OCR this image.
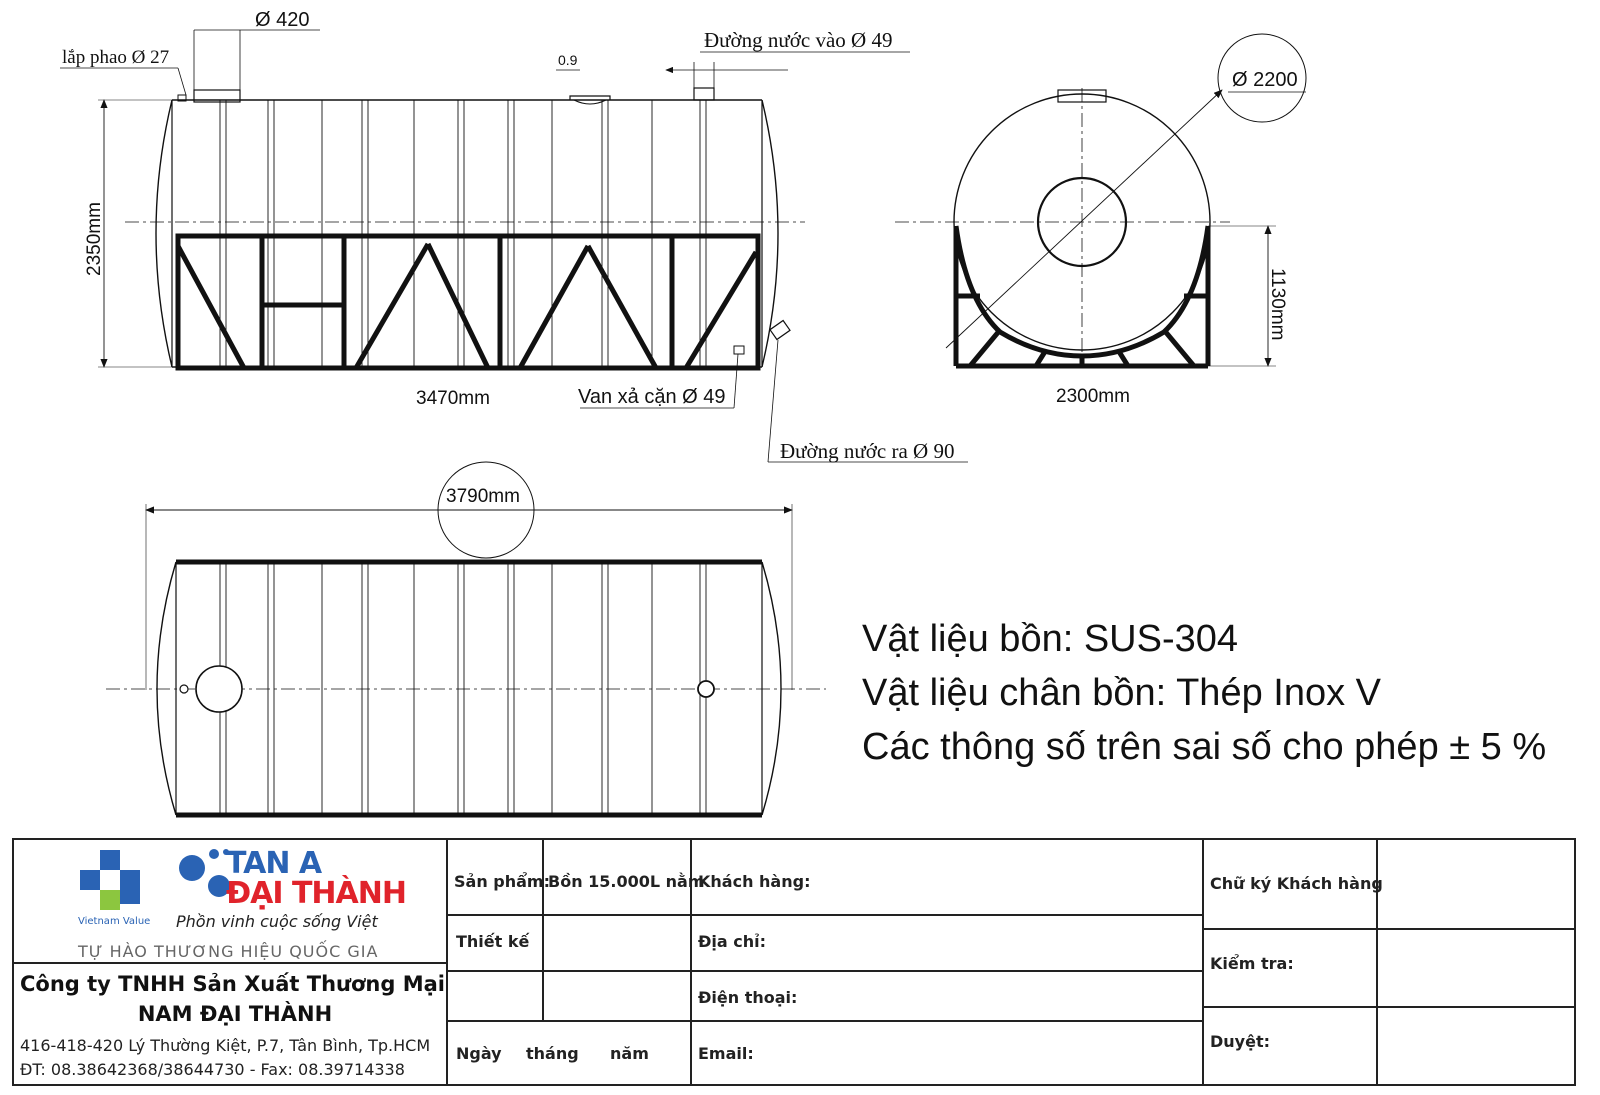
Ø 420
lắp phao Ø 27	0.9
Đường nước vào Ø 49
2350mm
3470mm	Van xả cặn Ø 49
Đường nước ra Ø 90
Ø 2200
1130mm
2300mm
3790mm
Vật liệu bồn: SUS-304
Vật liệu chân bồn: Thép Inox V
Các thông số trên sai số cho phép ± 5 %
TAN A
ĐẠI THÀNH
Phồn vinh cuộc sống Việt
Vietnam Value
TỰ HÀO THƯƠNG HIỆU QUỐC GIA
Công ty TNHH Sản Xuất Thương Mại
NAM ĐẠI THÀNH
416-418-420 Lý Thường Kiệt, P.7, Tân Bình, Tp.HCM
ĐT: 08.38642368/38644730 - Fax: 08.39714338
Sản phẩm:
Bồn 15.000L nằm
Thiết kế
Ngày tháng năm
Khách hàng:
Địa chỉ:
Điện thoại:
Email:
Chữ ký Khách hàng
Kiểm tra:
Duyệt:
